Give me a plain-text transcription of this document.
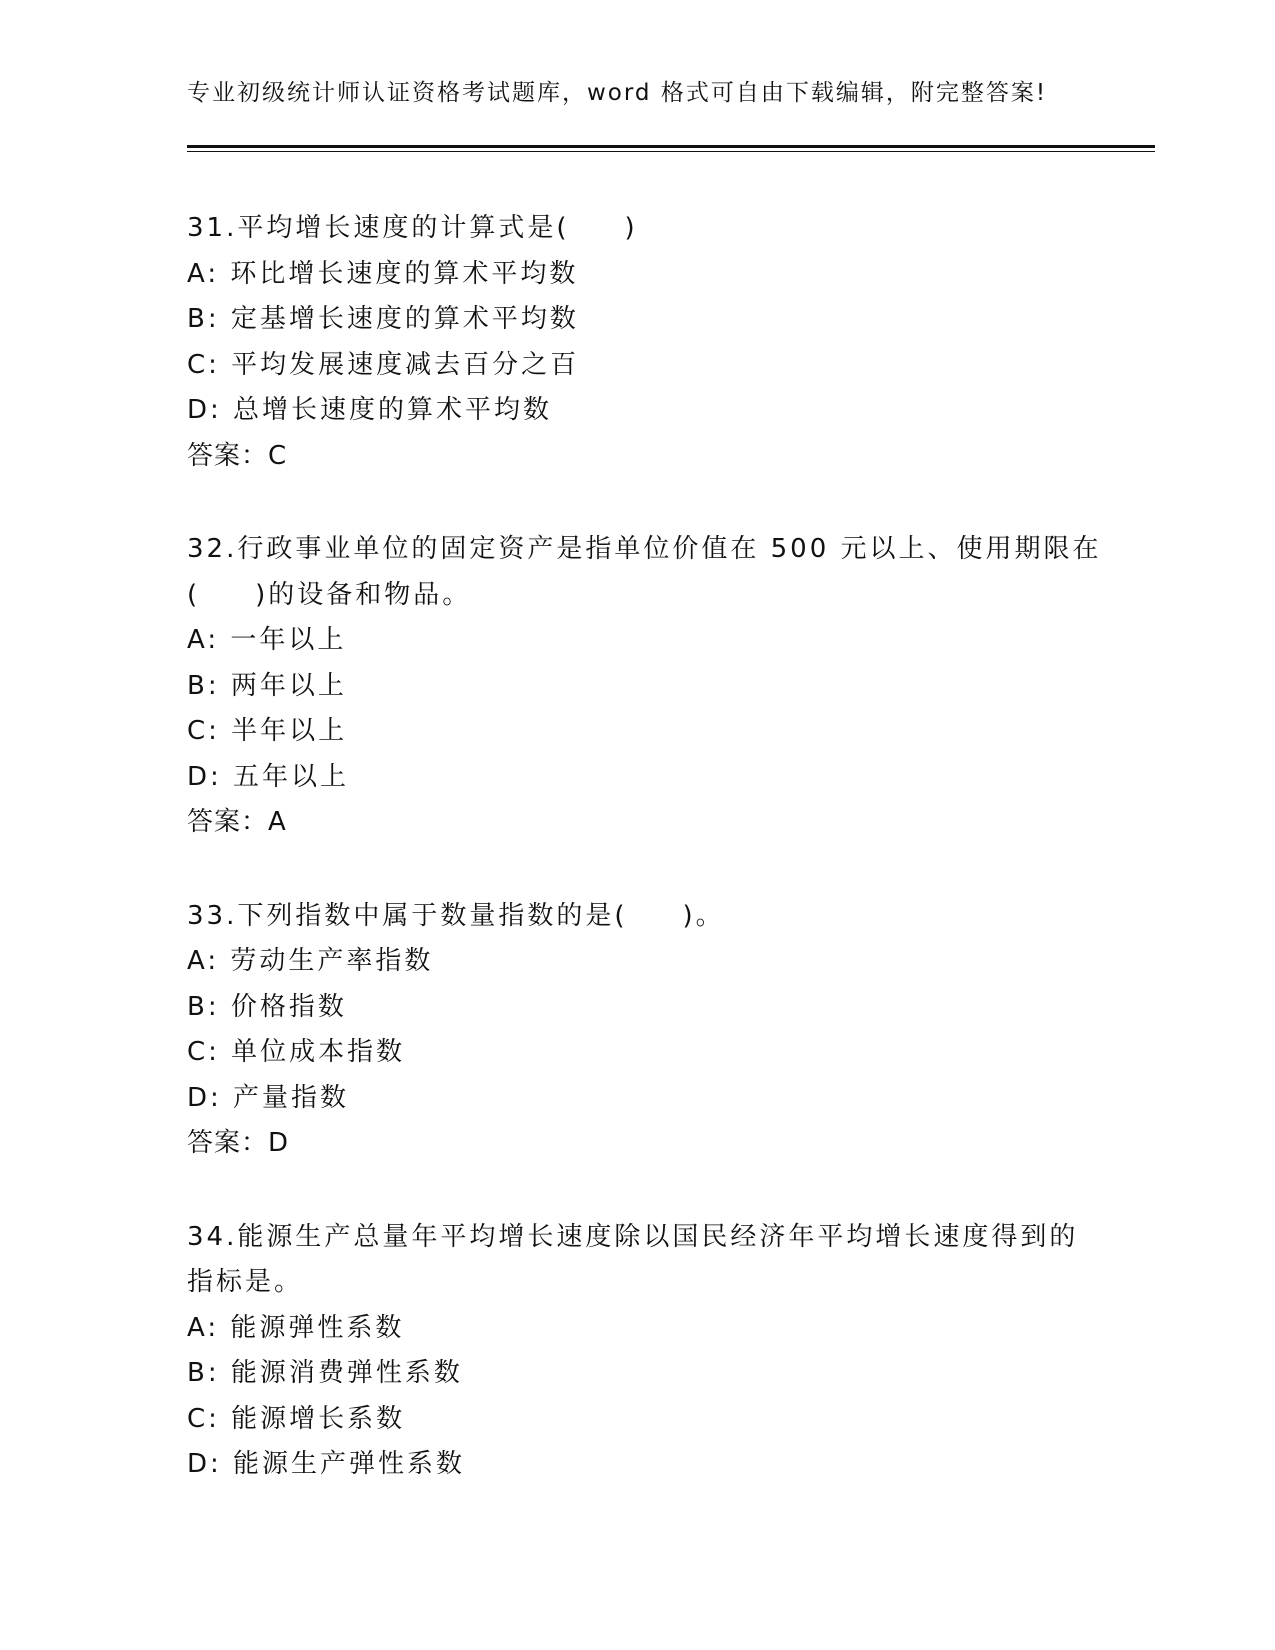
专业初级统计师认证资格考试题库，word 格式可自由下载编辑，附完整答案!
31.平均增长速度的计算式是( )
A: 环比增长速度的算术平均数
B: 定基增长速度的算术平均数
C: 平均发展速度减去百分之百
D: 总增长速度的算术平均数
答案：C
32.行政事业单位的固定资产是指单位价值在 500 元以上、使用期限在
( )的设备和物品。
A: 一年以上
B: 两年以上
C: 半年以上
D: 五年以上
答案：A
33.下列指数中属于数量指数的是( )。
A: 劳动生产率指数
B: 价格指数
C: 单位成本指数
D: 产量指数
答案：D
34.能源生产总量年平均增长速度除以国民经济年平均增长速度得到的
指标是。
A: 能源弹性系数
B: 能源消费弹性系数
C: 能源增长系数
D: 能源生产弹性系数
